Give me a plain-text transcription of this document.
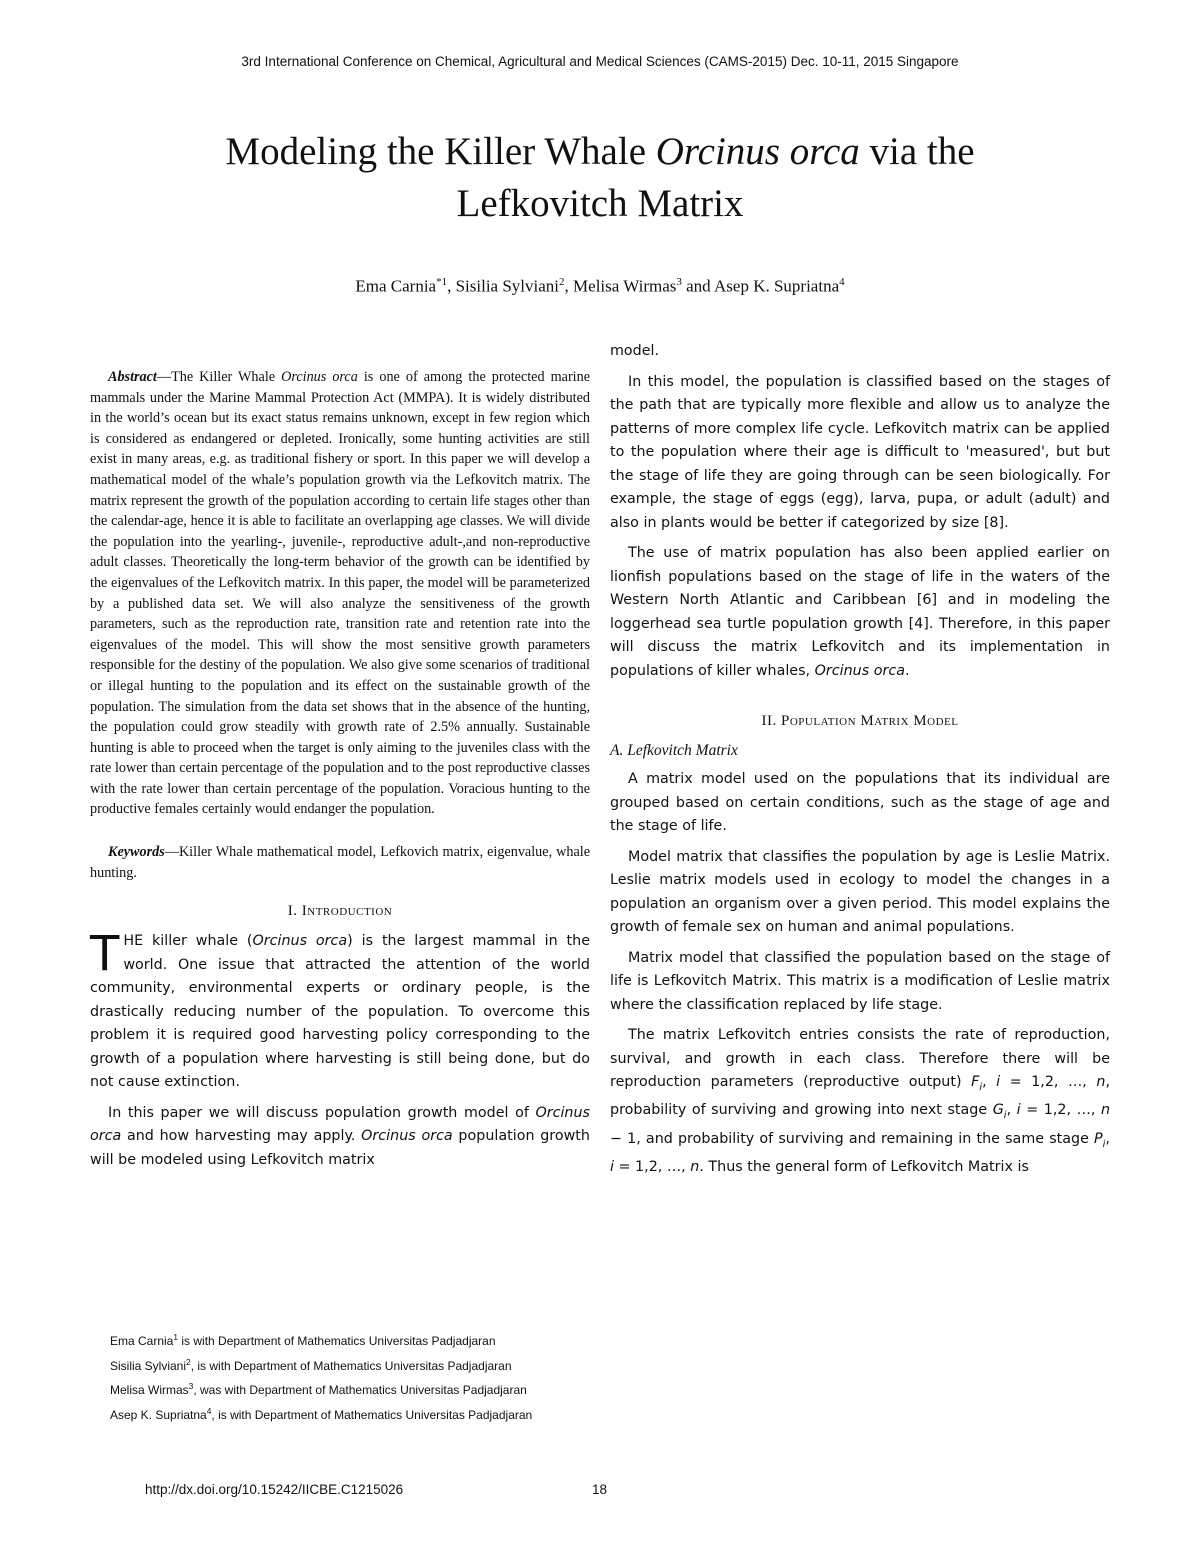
3rd International Conference on Chemical, Agricultural and Medical Sciences (CAMS-2015) Dec. 10-11, 2015 Singapore
Modeling the Killer Whale Orcinus orca via the
Lefkovitch Matrix
Ema Carnia$^{*1}$, Sisilia Sylviani$^2$, Melisa Wirmas$^3$ and Asep K. Supriatna$^4$

Abstract—The Killer Whale Orcinus orca is one of among the protected marine mammals under the Marine Mammal Protection Act (MMPA). It is widely distributed in the world’s ocean but its exact status remains unknown, except in few region which is considered as endangered or depleted. Ironically, some hunting activities are still exist in many areas, e.g. as traditional fishery or sport. In this paper we will develop a mathematical model of the whale’s population growth via the Lefkovitch matrix. The matrix represent the growth of the population according to certain life stages other than the calendar-age, hence it is able to facilitate an overlapping age classes. We will divide the population into the yearling-, juvenile-, reproductive adult-,and non-reproductive adult classes. Theoretically the long-term behavior of the growth can be identified by the eigenvalues of the Lefkovitch matrix. In this paper, the model will be parameterized by a published data set. We will also analyze the sensitiveness of the growth parameters, such as the reproduction rate, transition rate and retention rate into the eigenvalues of the model. This will show the most sensitive growth parameters responsible for the destiny of the population. We also give some scenarios of traditional or illegal hunting to the population and its effect on the sustainable growth of the population. The simulation from the data set shows that in the absence of the hunting, the population could grow steadily with growth rate of 2.5% annually. Sustainable hunting is able to proceed when the target is only aiming to the juveniles class with the rate lower than certain percentage of the population and to the post reproductive classes with the rate lower than certain percentage of the population. Voracious hunting to the productive females certainly would endanger the population.

Keywords—Killer Whale mathematical model, Lefkovich matrix, eigenvalue, whale hunting.

I. Introduction

THE killer whale (Orcinus orca) is the largest mammal in the world. One issue that attracted the attention of the world community, environmental experts or ordinary people, is the drastically reducing number of the population. To overcome this problem it is required good harvesting policy corresponding to the growth of a population where harvesting is still being done, but do not cause extinction.

In this paper we will discuss population growth model of Orcinus orca and how harvesting may apply. Orcinus orca population growth will be modeled using Lefkovitch matrix

model.

In this model, the population is classified based on the stages of the path that are typically more flexible and allow us to analyze the patterns of more complex life cycle. Lefkovitch matrix can be applied to the population where their age is difficult to 'measured', but but the stage of life they are going through can be seen biologically. For example, the stage of eggs (egg), larva, pupa, or adult (adult) and also in plants would be better if categorized by size [8].

The use of matrix population has also been applied earlier on lionfish populations based on the stage of life in the waters of the Western North Atlantic and Caribbean [6] and in modeling the loggerhead sea turtle population growth [4]. Therefore, in this paper will discuss the matrix Lefkovitch and its implementation in populations of killer whales, Orcinus orca.

II. Population Matrix Model
A. Lefkovitch Matrix

A matrix model used on the populations that its individual are grouped based on certain conditions, such as the stage of age and the stage of life.

Model matrix that classifies the population by age is Leslie Matrix. Leslie matrix models used in ecology to model the changes in a population an organism over a given period. This model explains the growth of female sex on human and animal populations.

Matrix model that classified the population based on the stage of life is Lefkovitch Matrix. This matrix is a modification of Leslie matrix where the classification replaced by life stage.

The matrix Lefkovitch entries consists the rate of reproduction, survival, and growth in each class. Therefore there will be reproduction parameters (reproductive output) $F_i$, i = 1,2, …, n, probability of surviving and growing into next stage $G_i$, i = 1,2, …, n − 1, and probability of surviving and remaining in the same stage $P_i$, i = 1,2, …, n. Thus the general form of Lefkovitch Matrix is

Ema Carnia$^1$ is with Department of Mathematics Universitas Padjadjaran

Sisilia Sylviani$^2$, is with Department of Mathematics Universitas Padjadjaran

Melisa Wirmas$^3$, was with Department of Mathematics Universitas Padjadjaran

Asep K. Supriatna$^4$, is with Department of Mathematics Universitas Padjadjaran

http://dx.doi.org/10.15242/IICBE.C1215026	18
